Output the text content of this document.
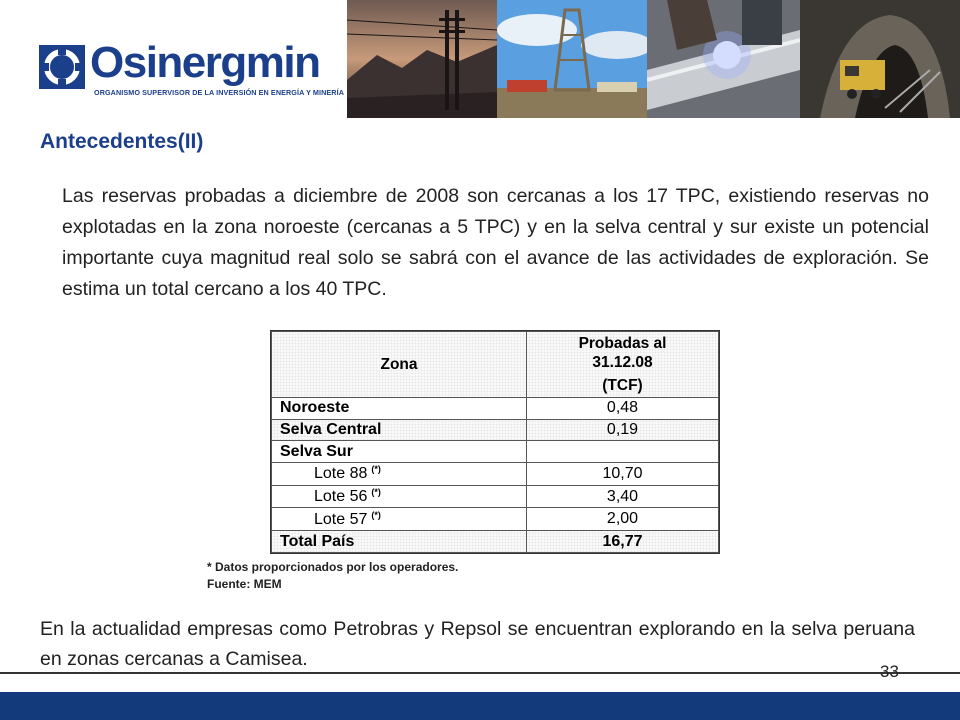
Osinergmin
ORGANISMO SUPERVISOR DE LA INVERSIÓN EN ENERGÍA Y MINERÍA
Antecedentes(II)

Las reservas probadas a diciembre de 2008 son cercanas a los 17 TPC, existiendo reservas no explotadas en la zona noroeste (cercanas a 5 TPC) y en la selva central y sur existe un potencial importante cuya magnitud real solo se sabrá con el avance de las actividades de exploración. Se estima un total cercano a los 40 TPC.

Zona	Probadas al
31.12.08
(TCF)

Noroeste	0,48
Selva Central	0,19
Selva Sur	
Lote 88 (*)	10,70
Lote 56 (*)	3,40
Lote 57 (*)	2,00
Total País	16,77
* Datos proporcionados por los operadores.
Fuente: MEM

En la actualidad empresas como Petrobras y Repsol se encuentran explorando en la selva peruana en zonas cercanas a Camisea.

33
